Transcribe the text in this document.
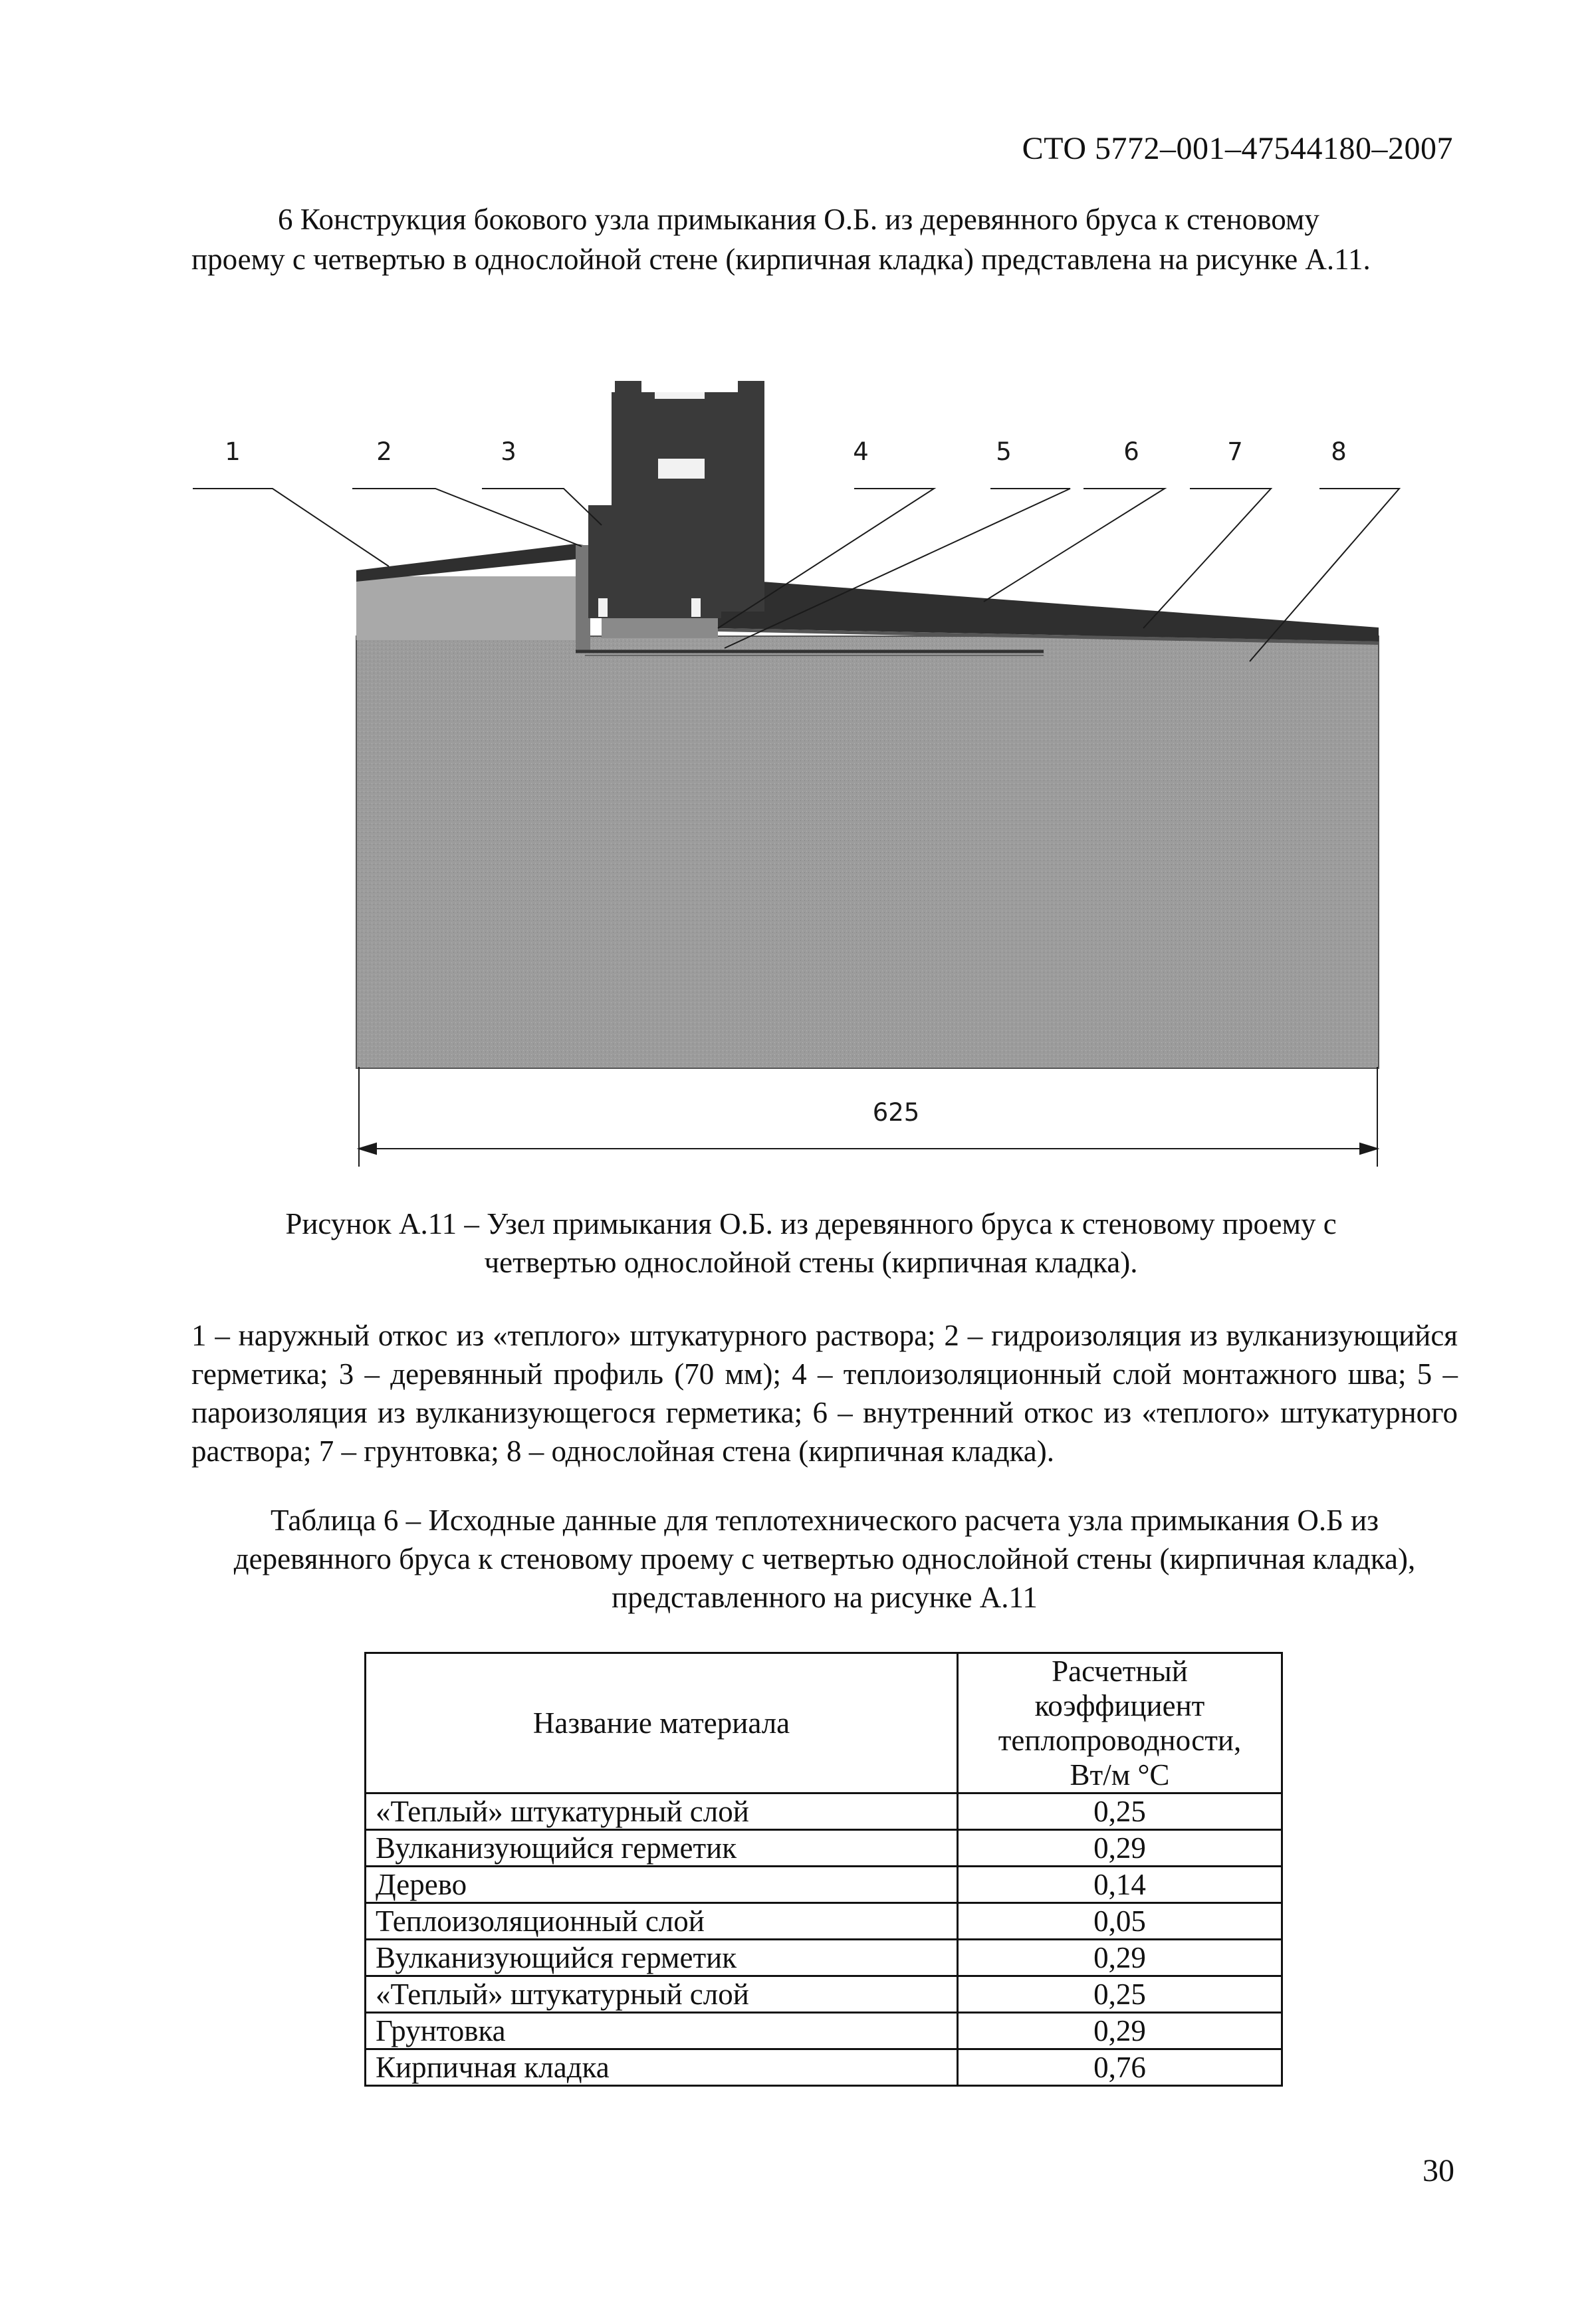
СТО 5772–001–47544180–2007
6 Конструкция бокового узла примыкания О.Б. из деревянного бруса к стеновому
проему с четвертью в однослойной стене (кирпичная кладка) представлена на рисунке А.11.
1	2	3	4	5	6	7	8
625
Рисунок А.11 – Узел примыкания О.Б. из деревянного бруса к стеновому проему с
четвертью однослойной стены (кирпичная кладка).
1 – наружный откос из «теплого» штукатурного раствора; 2 – гидроизоляция из вулканизующийся герметика; 3 – деревянный профиль (70 мм); 4 – теплоизоляционный слой монтажного шва; 5 – пароизоляция из вулканизующегося герметика; 6 – внутренний откос из «теплого» штукатурного раствора; 7 – грунтовка; 8 – однослойная стена (кирпичная кладка).
Таблица 6 – Исходные данные для теплотехнического расчета узла примыкания О.Б из
деревянного бруса к стеновому проему с четвертью однослойной стены (кирпичная кладка),
представленного на рисунке А.11
Название материала	Расчетный
коэффициент
теплопроводности,
Вт/м °С

«Теплый» штукатурный слой	0,25
Вулканизующийся герметик	0,29
Дерево	0,14
Теплоизоляционный слой	0,05
Вулканизующийся герметик	0,29
«Теплый» штукатурный слой	0,25
Грунтовка	0,29
Кирпичная кладка	0,76
30
